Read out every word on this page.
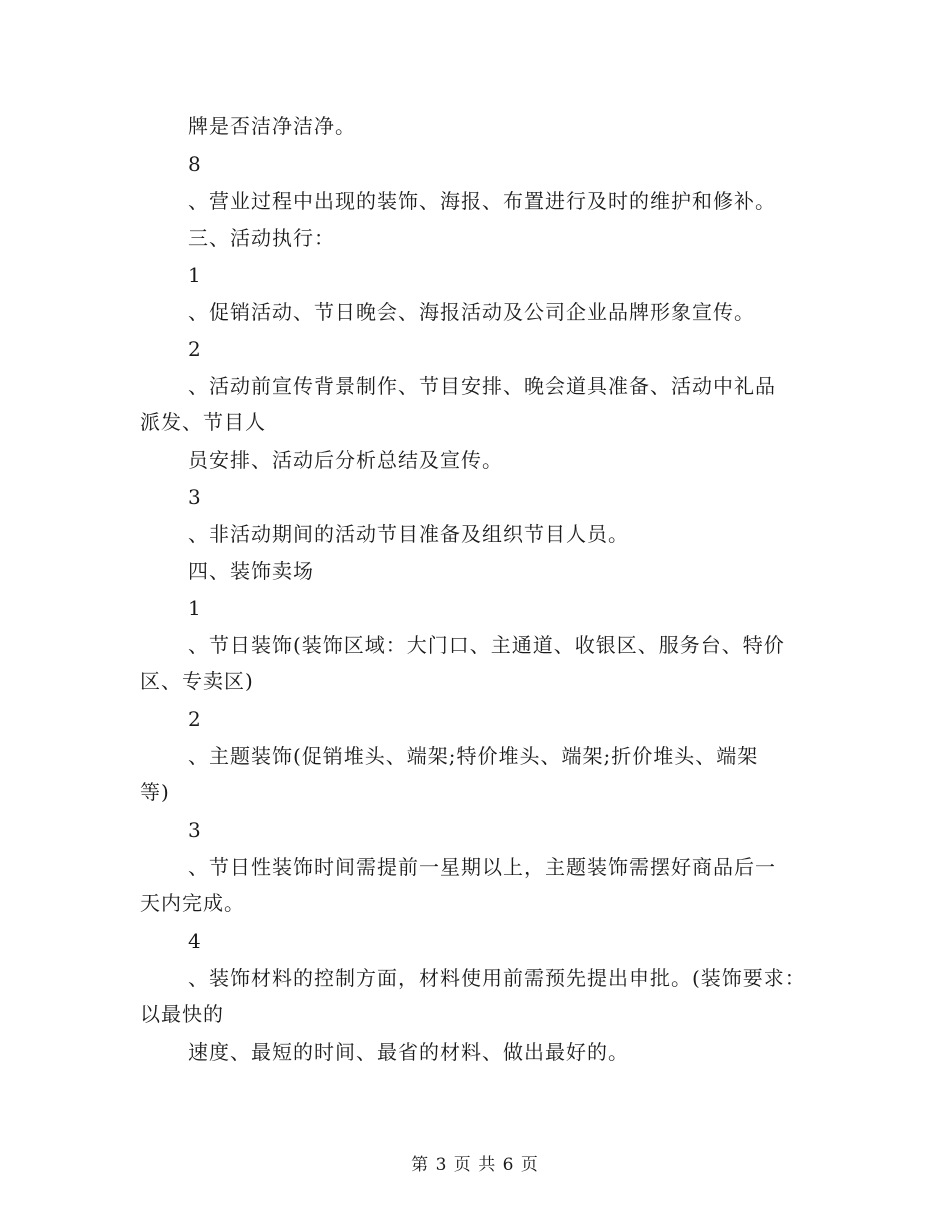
牌是否洁净洁净。
8
、营业过程中出现的装饰、海报、布置进行及时的维护和修补。
三、活动执行：
1
、促销活动、节日晚会、海报活动及公司企业品牌形象宣传。
2
、活动前宣传背景制作、节目安排、晚会道具准备、活动中礼品
派发、节目人
员安排、活动后分析总结及宣传。
3
、非活动期间的活动节目准备及组织节目人员。
四、装饰卖场
1
、节日装饰(装饰区域：大门口、主通道、收银区、服务台、特价
区、专卖区)
2
、主题装饰(促销堆头、端架;特价堆头、端架;折价堆头、端架
等)
3
、节日性装饰时间需提前一星期以上，主题装饰需摆好商品后一
天内完成。
4
、装饰材料的控制方面，材料使用前需预先提出申批。(装饰要求：
以最快的
速度、最短的时间、最省的材料、做出最好的。
第 3 页 共 6 页
